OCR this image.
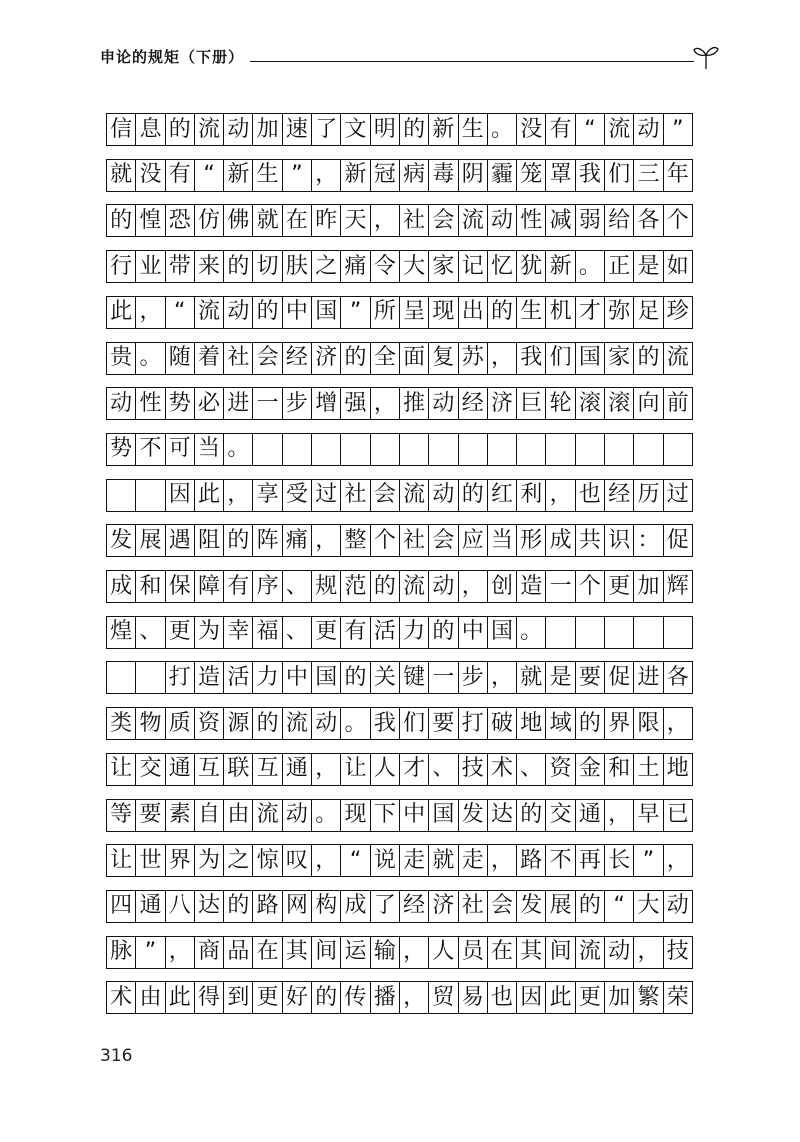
申论的规矩（下册）
信 息 的 流 动 加 速 了 文 明 的 新 生 。 没 有 “ 流 动 ”
就 没 有 “ 新 生 ” ， 新 冠 病 毒 阴 霾 笼 罩 我 们 三 年
的 惶 恐 仿 佛 就 在 昨 天 ， 社 会 流 动 性 减 弱 给 各 个
行 业 带 来 的 切 肤 之 痛 令 大 家 记 忆 犹 新 。 正 是 如
此 ， “ 流 动 的 中 国 ” 所 呈 现 出 的 生 机 才 弥 足 珍
贵 。 随 着 社 会 经 济 的 全 面 复 苏 ， 我 们 国 家 的 流
动 性 势 必 进 一 步 增 强 ， 推 动 经 济 巨 轮 滚 滚 向 前
势 不 可 当 。
因 此 ， 享 受 过 社 会 流 动 的 红 利 ， 也 经 历 过
发 展 遇 阻 的 阵 痛 ， 整 个 社 会 应 当 形 成 共 识 ： 促
成 和 保 障 有 序 、 规 范 的 流 动 ， 创 造 一 个 更 加 辉
煌 、 更 为 幸 福 、 更 有 活 力 的 中 国 。
打 造 活 力 中 国 的 关 键 一 步 ， 就 是 要 促 进 各
类 物 质 资 源 的 流 动 。 我 们 要 打 破 地 域 的 界 限 ，
让 交 通 互 联 互 通 ， 让 人 才 、 技 术 、 资 金 和 土 地
等 要 素 自 由 流 动 。 现 下 中 国 发 达 的 交 通 ， 早 已
让 世 界 为 之 惊 叹 ， “ 说 走 就 走 ， 路 不 再 长 ” ，
四 通 八 达 的 路 网 构 成 了 经 济 社 会 发 展 的 “ 大 动
脉 ” ， 商 品 在 其 间 运 输 ， 人 员 在 其 间 流 动 ， 技
术 由 此 得 到 更 好 的 传 播 ， 贸 易 也 因 此 更 加 繁 荣
316
